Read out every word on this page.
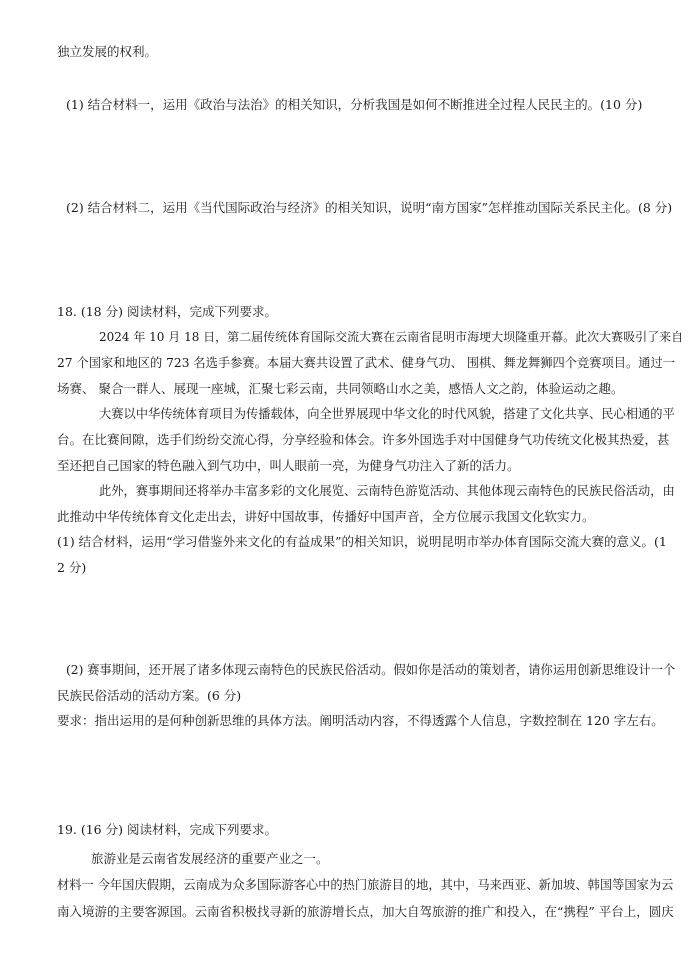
独立发展的权利。
(1) 结合材料一，运用《政治与法治》的相关知识，分析我国是如何不断推进全过程人民民主的。(10 分)
(2) 结合材料二，运用《当代国际政治与经济》的相关知识，说明“南方国家”怎样推动国际关系民主化。(8 分)
18. (18 分) 阅读材料，完成下列要求。
2024 年 10 月 18 日，第二届传统体育国际交流大赛在云南省昆明市海埂大坝隆重开幕。此次大赛吸引了来自
27 个国家和地区的 723 名选手参赛。本届大赛共设置了武术、健身气功、 围棋、舞龙舞狮四个竞赛项目。通过一
场赛、 聚合一群人、展现一座城，汇聚七彩云南，共同领略山水之美，感悟人文之韵，体验运动之趣。
大赛以中华传统体育项目为传播载体，向全世界展现中华文化的时代风貌，搭建了文化共享、民心相通的平
台。在比赛间隙，选手们纷纷交流心得，分享经验和体会。许多外国选手对中国健身气功传统文化极其热爱，甚
至还把自己国家的特色融入到气功中，叫人眼前一亮，为健身气功注入了新的活力。
此外，赛事期间还将举办丰富多彩的文化展览、云南特色游览活动、其他体现云南特色的民族民俗活动，由
此推动中华传统体育文化走出去，讲好中国故事，传播好中国声音，全方位展示我国文化软实力。
(1) 结合材料，运用“学习借鉴外来文化的有益成果”的相关知识，说明昆明市举办体育国际交流大赛的意义。(1
2 分)
(2) 赛事期间，还开展了诸多体现云南特色的民族民俗活动。假如你是活动的策划者，请你运用创新思维设计一个
民族民俗活动的活动方案。(6 分)
要求：指出运用的是何种创新思维的具体方法。阐明活动内容，不得透露个人信息，字数控制在 120 字左右。
19. (16 分) 阅读材料，完成下列要求。
旅游业是云南省发展经济的重要产业之一。
材料一 今年国庆假期，云南成为众多国际游客心中的热门旅游目的地，其中，马来西亚、新加坡、韩国等国家为云
南入境游的主要客源国。云南省积极找寻新的旅游增长点，加大自驾旅游的推广和投入，在“携程” 平台上，圆庆
